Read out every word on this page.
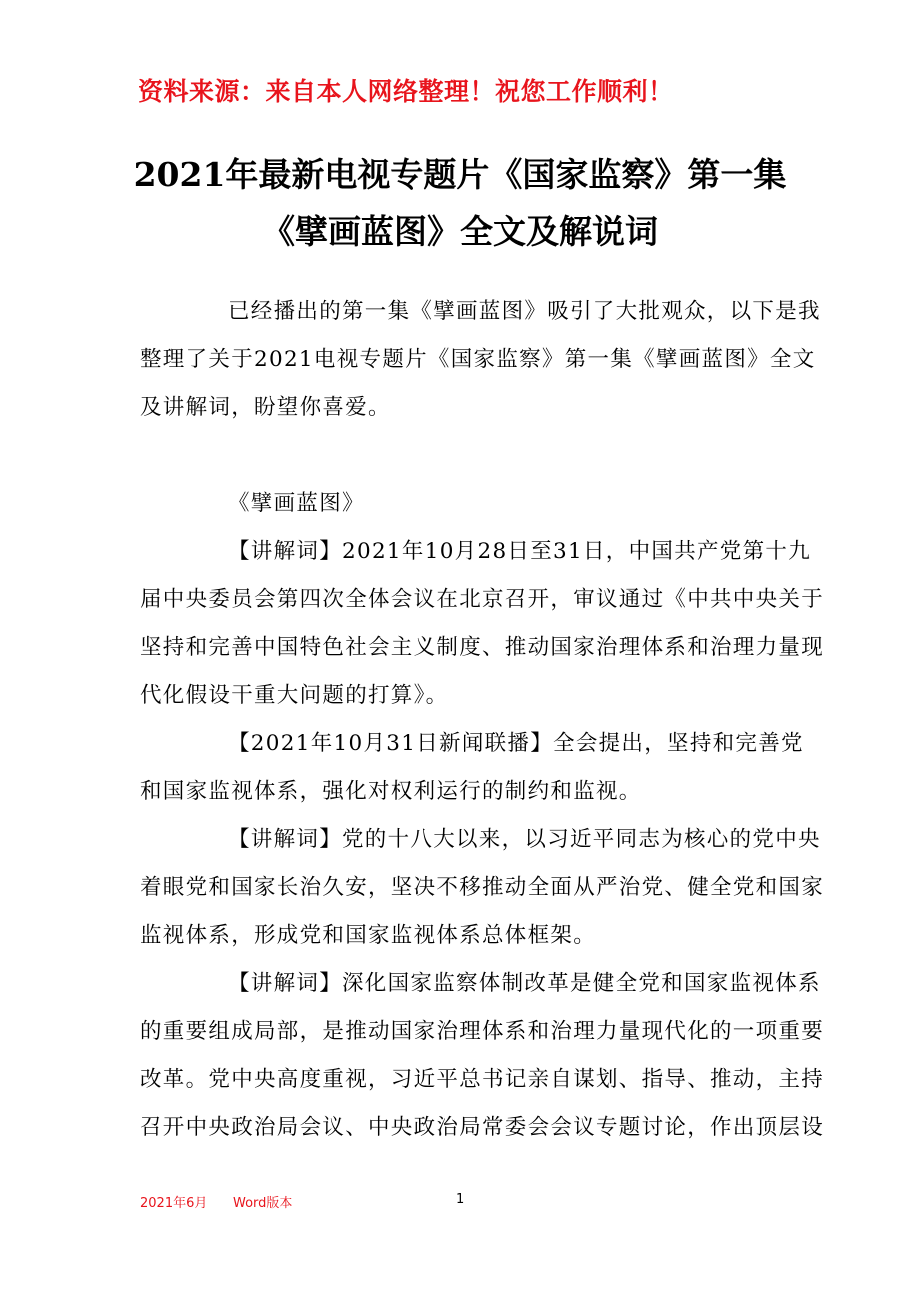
资料来源：来自本人网络整理！祝您工作顺利！
2021年最新电视专题片《国家监察》第一集
《擘画蓝图》全文及解说词
已经播出的第一集《擘画蓝图》吸引了大批观众，以下是我
整理了关于2021电视专题片《国家监察》第一集《擘画蓝图》全文
及讲解词，盼望你喜爱。
《擘画蓝图》
【讲解词】2021年10月28日至31日，中国共产党第十九
届中央委员会第四次全体会议在北京召开，审议通过《中共中央关于
坚持和完善中国特色社会主义制度、推动国家治理体系和治理力量现
代化假设干重大问题的打算》。
【2021年10月31日新闻联播】全会提出，坚持和完善党
和国家监视体系，强化对权利运行的制约和监视。
【讲解词】党的十八大以来，以习近平同志为核心的党中央
着眼党和国家长治久安，坚决不移推动全面从严治党、健全党和国家
监视体系，形成党和国家监视体系总体框架。
【讲解词】深化国家监察体制改革是健全党和国家监视体系
的重要组成局部，是推动国家治理体系和治理力量现代化的一项重要
改革。党中央高度重视，习近平总书记亲自谋划、指导、推动，主持
召开中央政治局会议、中央政治局常委会会议专题讨论，作出顶层设
2021年6月 Word版本	1
